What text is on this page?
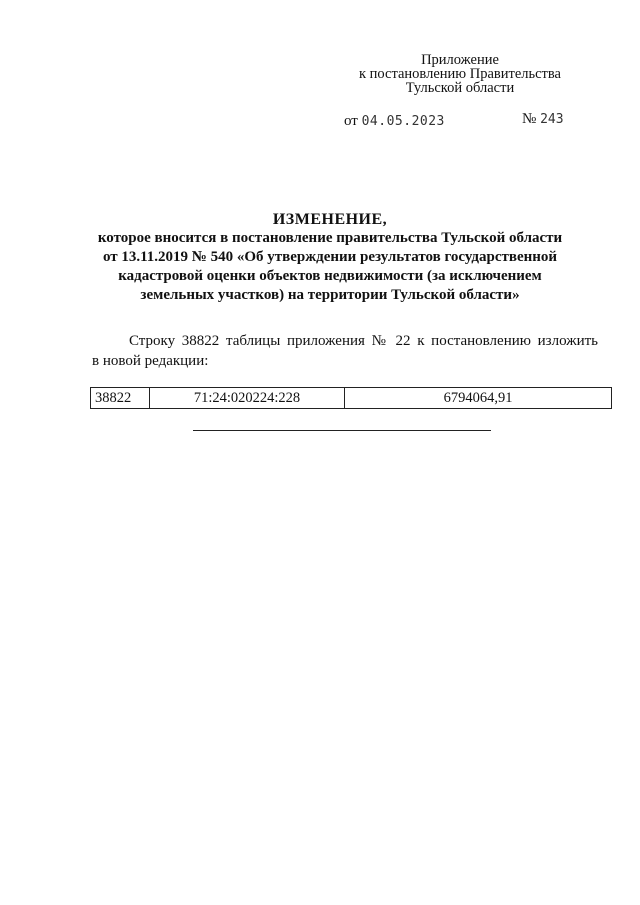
Приложение
к постановлению Правительства
Тульской области
от 04.05.2023	№ 243
ИЗМЕНЕНИЕ,
которое вносится в постановление правительства Тульской области
от 13.11.2019 № 540 «Об утверждении результатов государственной
кадастровой оценки объектов недвижимости (за исключением
земельных участков) на территории Тульской области»
Строку 38822 таблицы приложения № 22 к постановлению изложить
в новой редакции:
38822	71:24:020224:228	6794064,91
